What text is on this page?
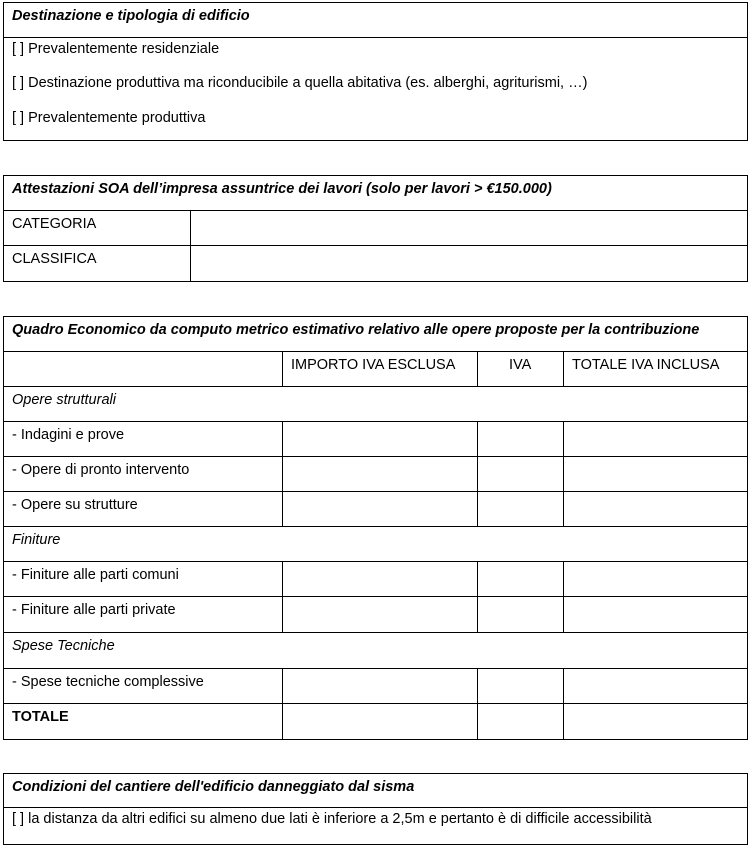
Destinazione e tipologia di edificio
[ ] Prevalentemente residenziale
[ ] Destinazione produttiva ma riconducibile a quella abitativa (es. alberghi, agriturismi, …)
[ ] Prevalentemente produttiva
Attestazioni SOA dell’impresa assuntrice dei lavori (solo per lavori > €150.000)
CATEGORIA
CLASSIFICA
Quadro Economico da computo metrico estimativo relativo alle opere proposte per la contribuzione
IMPORTO IVA ESCLUSA	IVA	TOTALE IVA INCLUSA
Opere strutturali
- Indagini e prove
- Opere di pronto intervento
- Opere su strutture
Finiture
- Finiture alle parti comuni
- Finiture alle parti private
Spese Tecniche
- Spese tecniche complessive
TOTALE
Condizioni del cantiere dell'edificio danneggiato dal sisma
[ ] la distanza da altri edifici su almeno due lati è inferiore a 2,5m e pertanto è di difficile accessibilità
